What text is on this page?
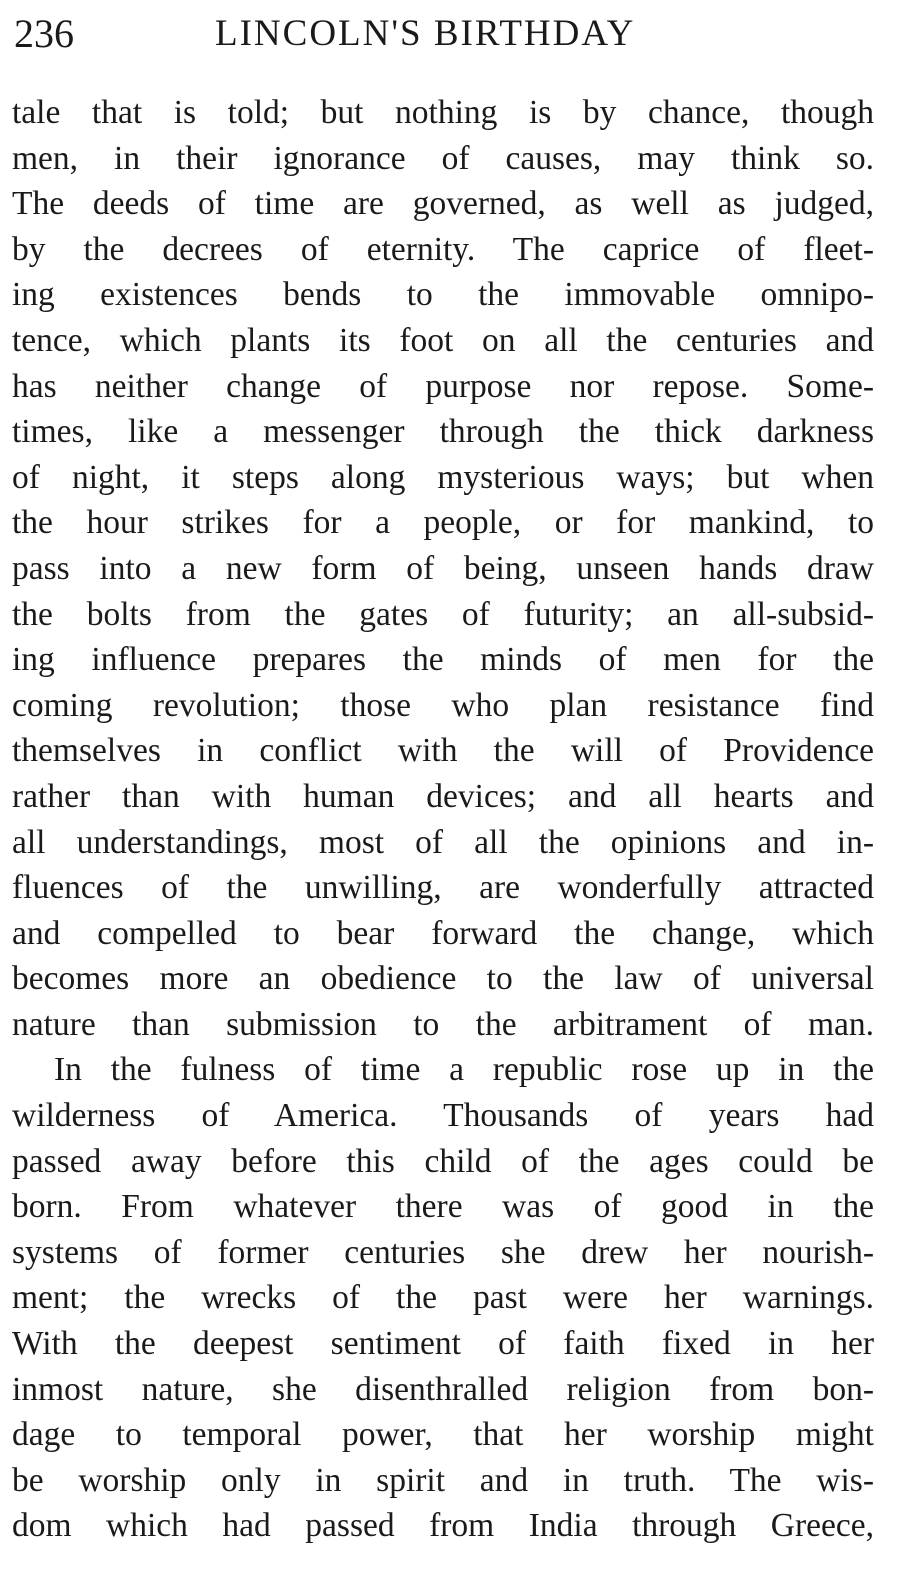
236	LINCOLN'S BIRTHDAY
tale that is told; but nothing is by chance, though
men, in their ignorance of causes, may think so.
The deeds of time are governed, as well as judged,
by the decrees of eternity. The caprice of fleet-
ing existences bends to the immovable omnipo-
tence, which plants its foot on all the centuries and
has neither change of purpose nor repose. Some-
times, like a messenger through the thick darkness
of night, it steps along mysterious ways; but when
the hour strikes for a people, or for mankind, to
pass into a new form of being, unseen hands draw
the bolts from the gates of futurity; an all-subsid-
ing influence prepares the minds of men for the
coming revolution; those who plan resistance find
themselves in conflict with the will of Providence
rather than with human devices; and all hearts and
all understandings, most of all the opinions and in-
fluences of the unwilling, are wonderfully attracted
and compelled to bear forward the change, which
becomes more an obedience to the law of universal
nature than submission to the arbitrament of man.
In the fulness of time a republic rose up in the
wilderness of America. Thousands of years had
passed away before this child of the ages could be
born. From whatever there was of good in the
systems of former centuries she drew her nourish-
ment; the wrecks of the past were her warnings.
With the deepest sentiment of faith fixed in her
inmost nature, she disenthralled religion from bon-
dage to temporal power, that her worship might
be worship only in spirit and in truth. The wis-
dom which had passed from India through Greece,
